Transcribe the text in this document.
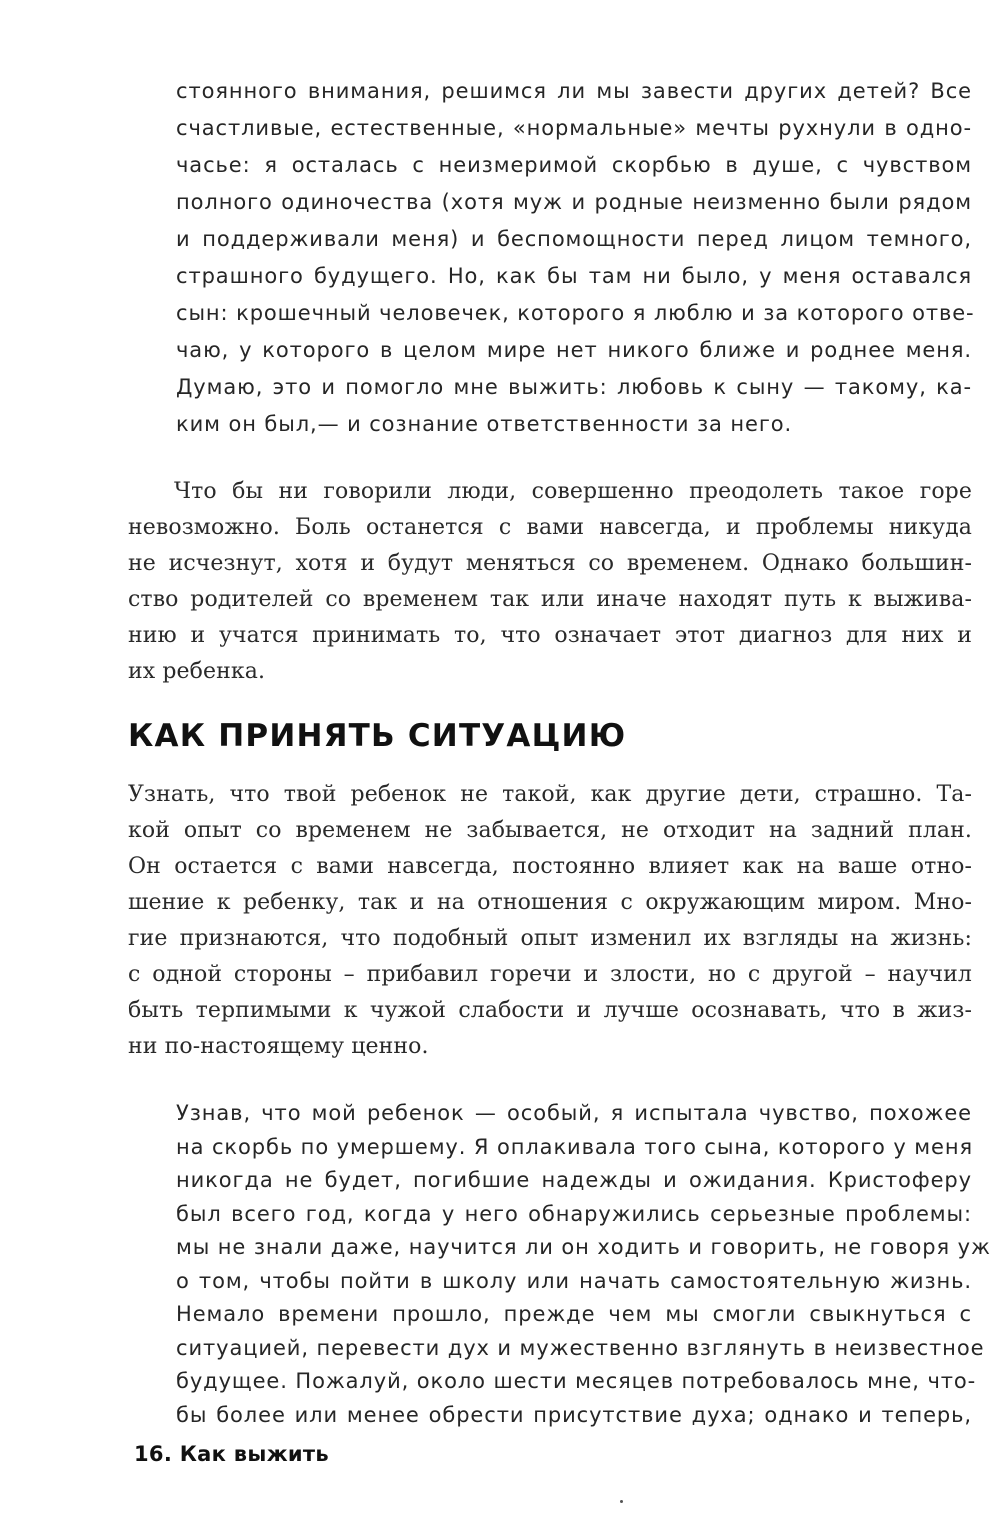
стоянного внимания, решимся ли мы завести других детей? Все

счастливые, естественные, «нормальные» мечты рухнули в одно-

часье: я осталась с неизмеримой скорбью в душе, с чувством

полного одиночества (хотя муж и родные неизменно были рядом

и поддерживали меня) и беспомощности перед лицом темного,

страшного будущего. Но, как бы там ни было, у меня оставался

сын: крошечный человечек, которого я люблю и за которого отве-

чаю, у которого в целом мире нет никого ближе и роднее меня.

Думаю, это и помогло мне выжить: любовь к сыну — такому, ка-

ким он был,— и сознание ответственности за него.

Что бы ни говорили люди, совершенно преодолеть такое горе

невозможно. Боль останется с вами навсегда, и проблемы никуда

не исчезнут, хотя и будут меняться со временем. Однако большин-

ство родителей со временем так или иначе находят путь к выжива-

нию и учатся принимать то, что означает этот диагноз для них и

их ребенка.

КАК ПРИНЯТЬ СИТУАЦИЮ

Узнать, что твой ребенок не такой, как другие дети, страшно. Та-

кой опыт со временем не забывается, не отходит на задний план.

Он остается с вами навсегда, постоянно влияет как на ваше отно-

шение к ребенку, так и на отношения с окружающим миром. Мно-

гие признаются, что подобный опыт изменил их взгляды на жизнь:

с одной стороны – прибавил горечи и злости, но с другой – научил

быть терпимыми к чужой слабости и лучше осознавать, что в жиз-

ни по-настоящему ценно.

Узнав, что мой ребенок — особый, я испытала чувство, похожее

на скорбь по умершему. Я оплакивала того сына, которого у меня

никогда не будет, погибшие надежды и ожидания. Кристоферу

был всего год, когда у него обнаружились серьезные проблемы:

мы не знали даже, научится ли он ходить и говорить, не говоря уж

о том, чтобы пойти в школу или начать самостоятельную жизнь.

Немало времени прошло, прежде чем мы смогли свыкнуться с

ситуацией, перевести дух и мужественно взглянуть в неизвестное

будущее. Пожалуй, около шести месяцев потребовалось мне, что-

бы более или менее обрести присутствие духа; однако и теперь,

16. Как выжить
